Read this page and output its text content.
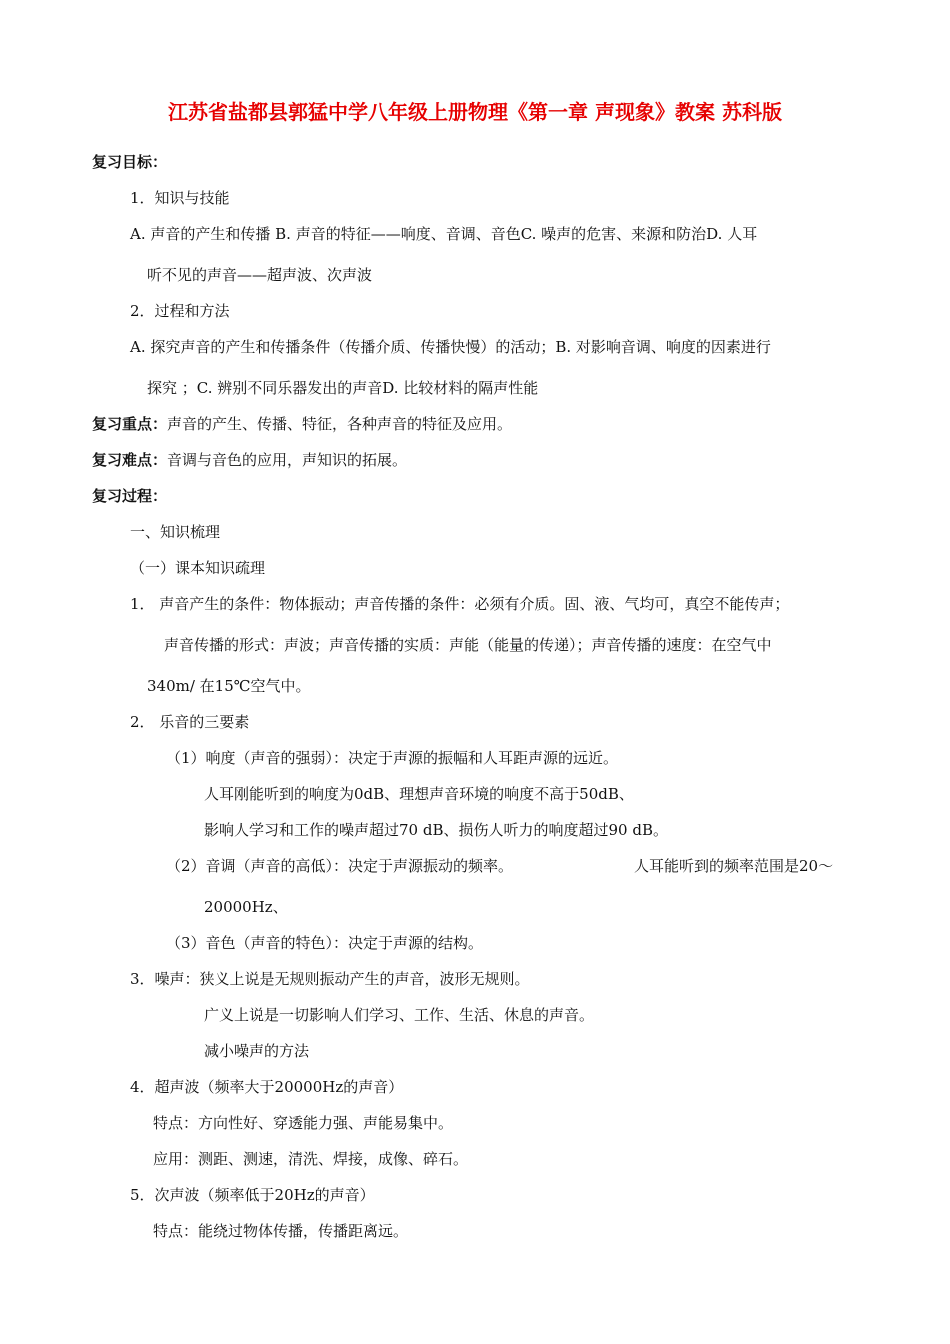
江苏省盐都县郭猛中学八年级上册物理《第一章 声现象》教案 苏科版
复习目标：
1．知识与技能
A. 声音的产生和传播 B. 声音的特征——响度、音调、音色C. 噪声的危害、来源和防治D. 人耳
听不见的声音——超声波、次声波
2．过程和方法
A. 探究声音的产生和传播条件（传播介质、传播快慢）的活动；B. 对影响音调、响度的因素进行
探究 ；C. 辨别不同乐器发出的声音D. 比较材料的隔声性能
复习重点：声音的产生、传播、特征，各种声音的特征及应用。
复习难点：音调与音色的应用，声知识的拓展。
复习过程：
一、知识梳理
（一）课本知识疏理
1． 声音产生的条件：物体振动；声音传播的条件：必须有介质。固、液、气均可，真空不能传声；
声音传播的形式：声波；声音传播的实质：声能（能量的传递）；声音传播的速度：在空气中
340m/ 在15℃空气中。
2． 乐音的三要素
（1）响度（声音的强弱）：决定于声源的振幅和人耳距声源的远近。
人耳刚能听到的响度为0dB、理想声音环境的响度不高于50dB、
影响人学习和工作的噪声超过70 dB、损伤人听力的响度超过90 dB。
（2）音调（声音的高低）：决定于声源振动的频率。	人耳能听到的频率范围是20～
20000Hz、
（3）音色（声音的特色）：决定于声源的结构。
3．噪声：狭义上说是无规则振动产生的声音，波形无规则。
广义上说是一切影响人们学习、工作、生活、休息的声音。
减小噪声的方法
4．超声波（频率大于20000Hz的声音）
特点：方向性好、穿透能力强、声能易集中。
应用：测距、测速，清洗、焊接，成像、碎石。
5．次声波（频率低于20Hz的声音）
特点：能绕过物体传播，传播距离远。
